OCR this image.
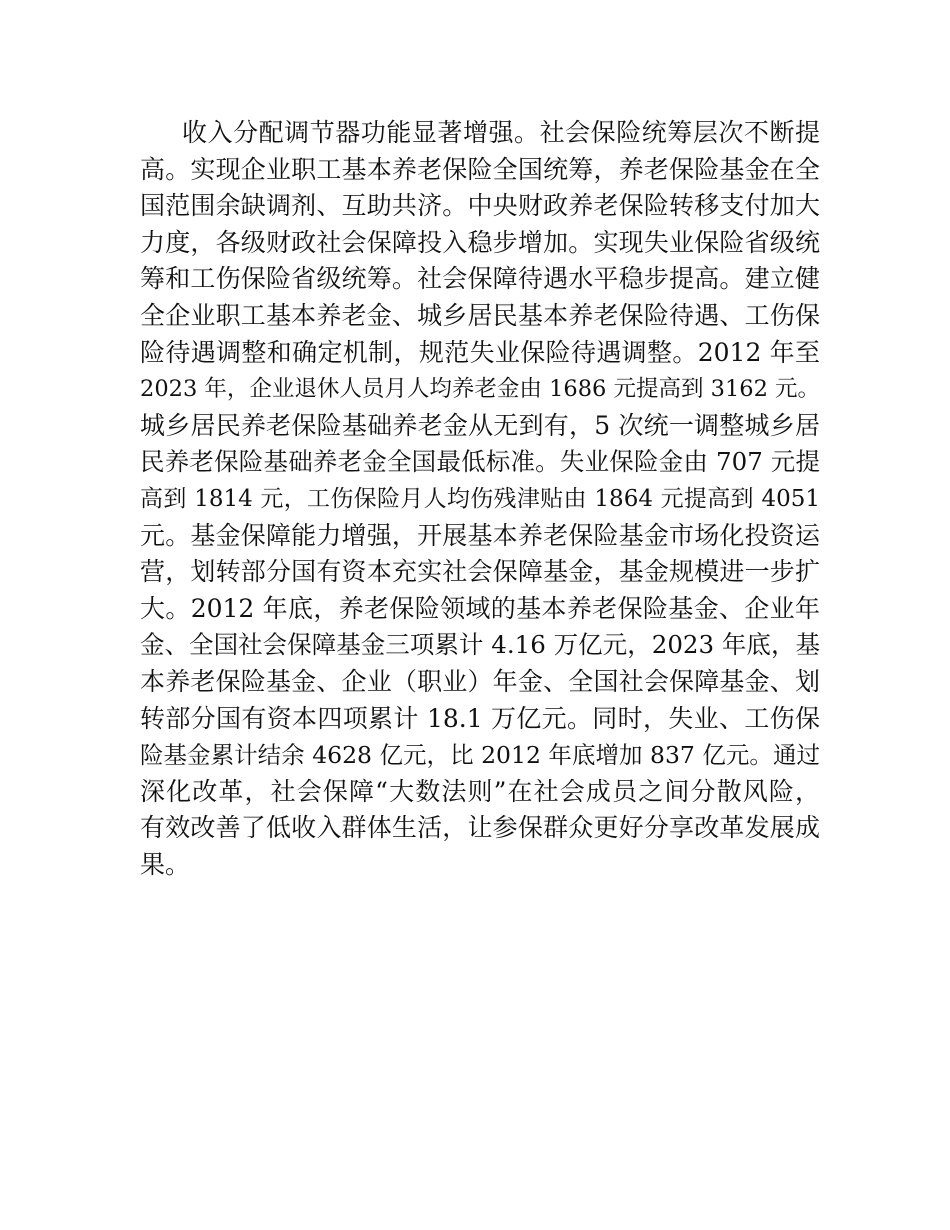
收入分配调节器功能显著增强。社会保险统筹层次不断提
高。实现企业职工基本养老保险全国统筹，养老保险基金在全
国范围余缺调剂、互助共济。中央财政养老保险转移支付加大
力度，各级财政社会保障投入稳步增加。实现失业保险省级统
筹和工伤保险省级统筹。社会保障待遇水平稳步提高。建立健
全企业职工基本养老金、城乡居民基本养老保险待遇、工伤保
险待遇调整和确定机制，规范失业保险待遇调整。2012 年至
2023 年，企业退休人员月人均养老金由 1686 元提高到 3162 元。
城乡居民养老保险基础养老金从无到有，5 次统一调整城乡居
民养老保险基础养老金全国最低标准。失业保险金由 707 元提
高到 1814 元，工伤保险月人均伤残津贴由 1864 元提高到 4051
元。基金保障能力增强，开展基本养老保险基金市场化投资运
营，划转部分国有资本充实社会保障基金，基金规模进一步扩
大。2012 年底，养老保险领域的基本养老保险基金、企业年
金、全国社会保障基金三项累计 4.16 万亿元，2023 年底，基
本养老保险基金、企业（职业）年金、全国社会保障基金、划
转部分国有资本四项累计 18.1 万亿元。同时，失业、工伤保
险基金累计结余 4628 亿元，比 2012 年底增加 837 亿元。通过
深化改革，社会保障“大数法则”在社会成员之间分散风险，
有效改善了低收入群体生活，让参保群众更好分享改革发展成
果。
